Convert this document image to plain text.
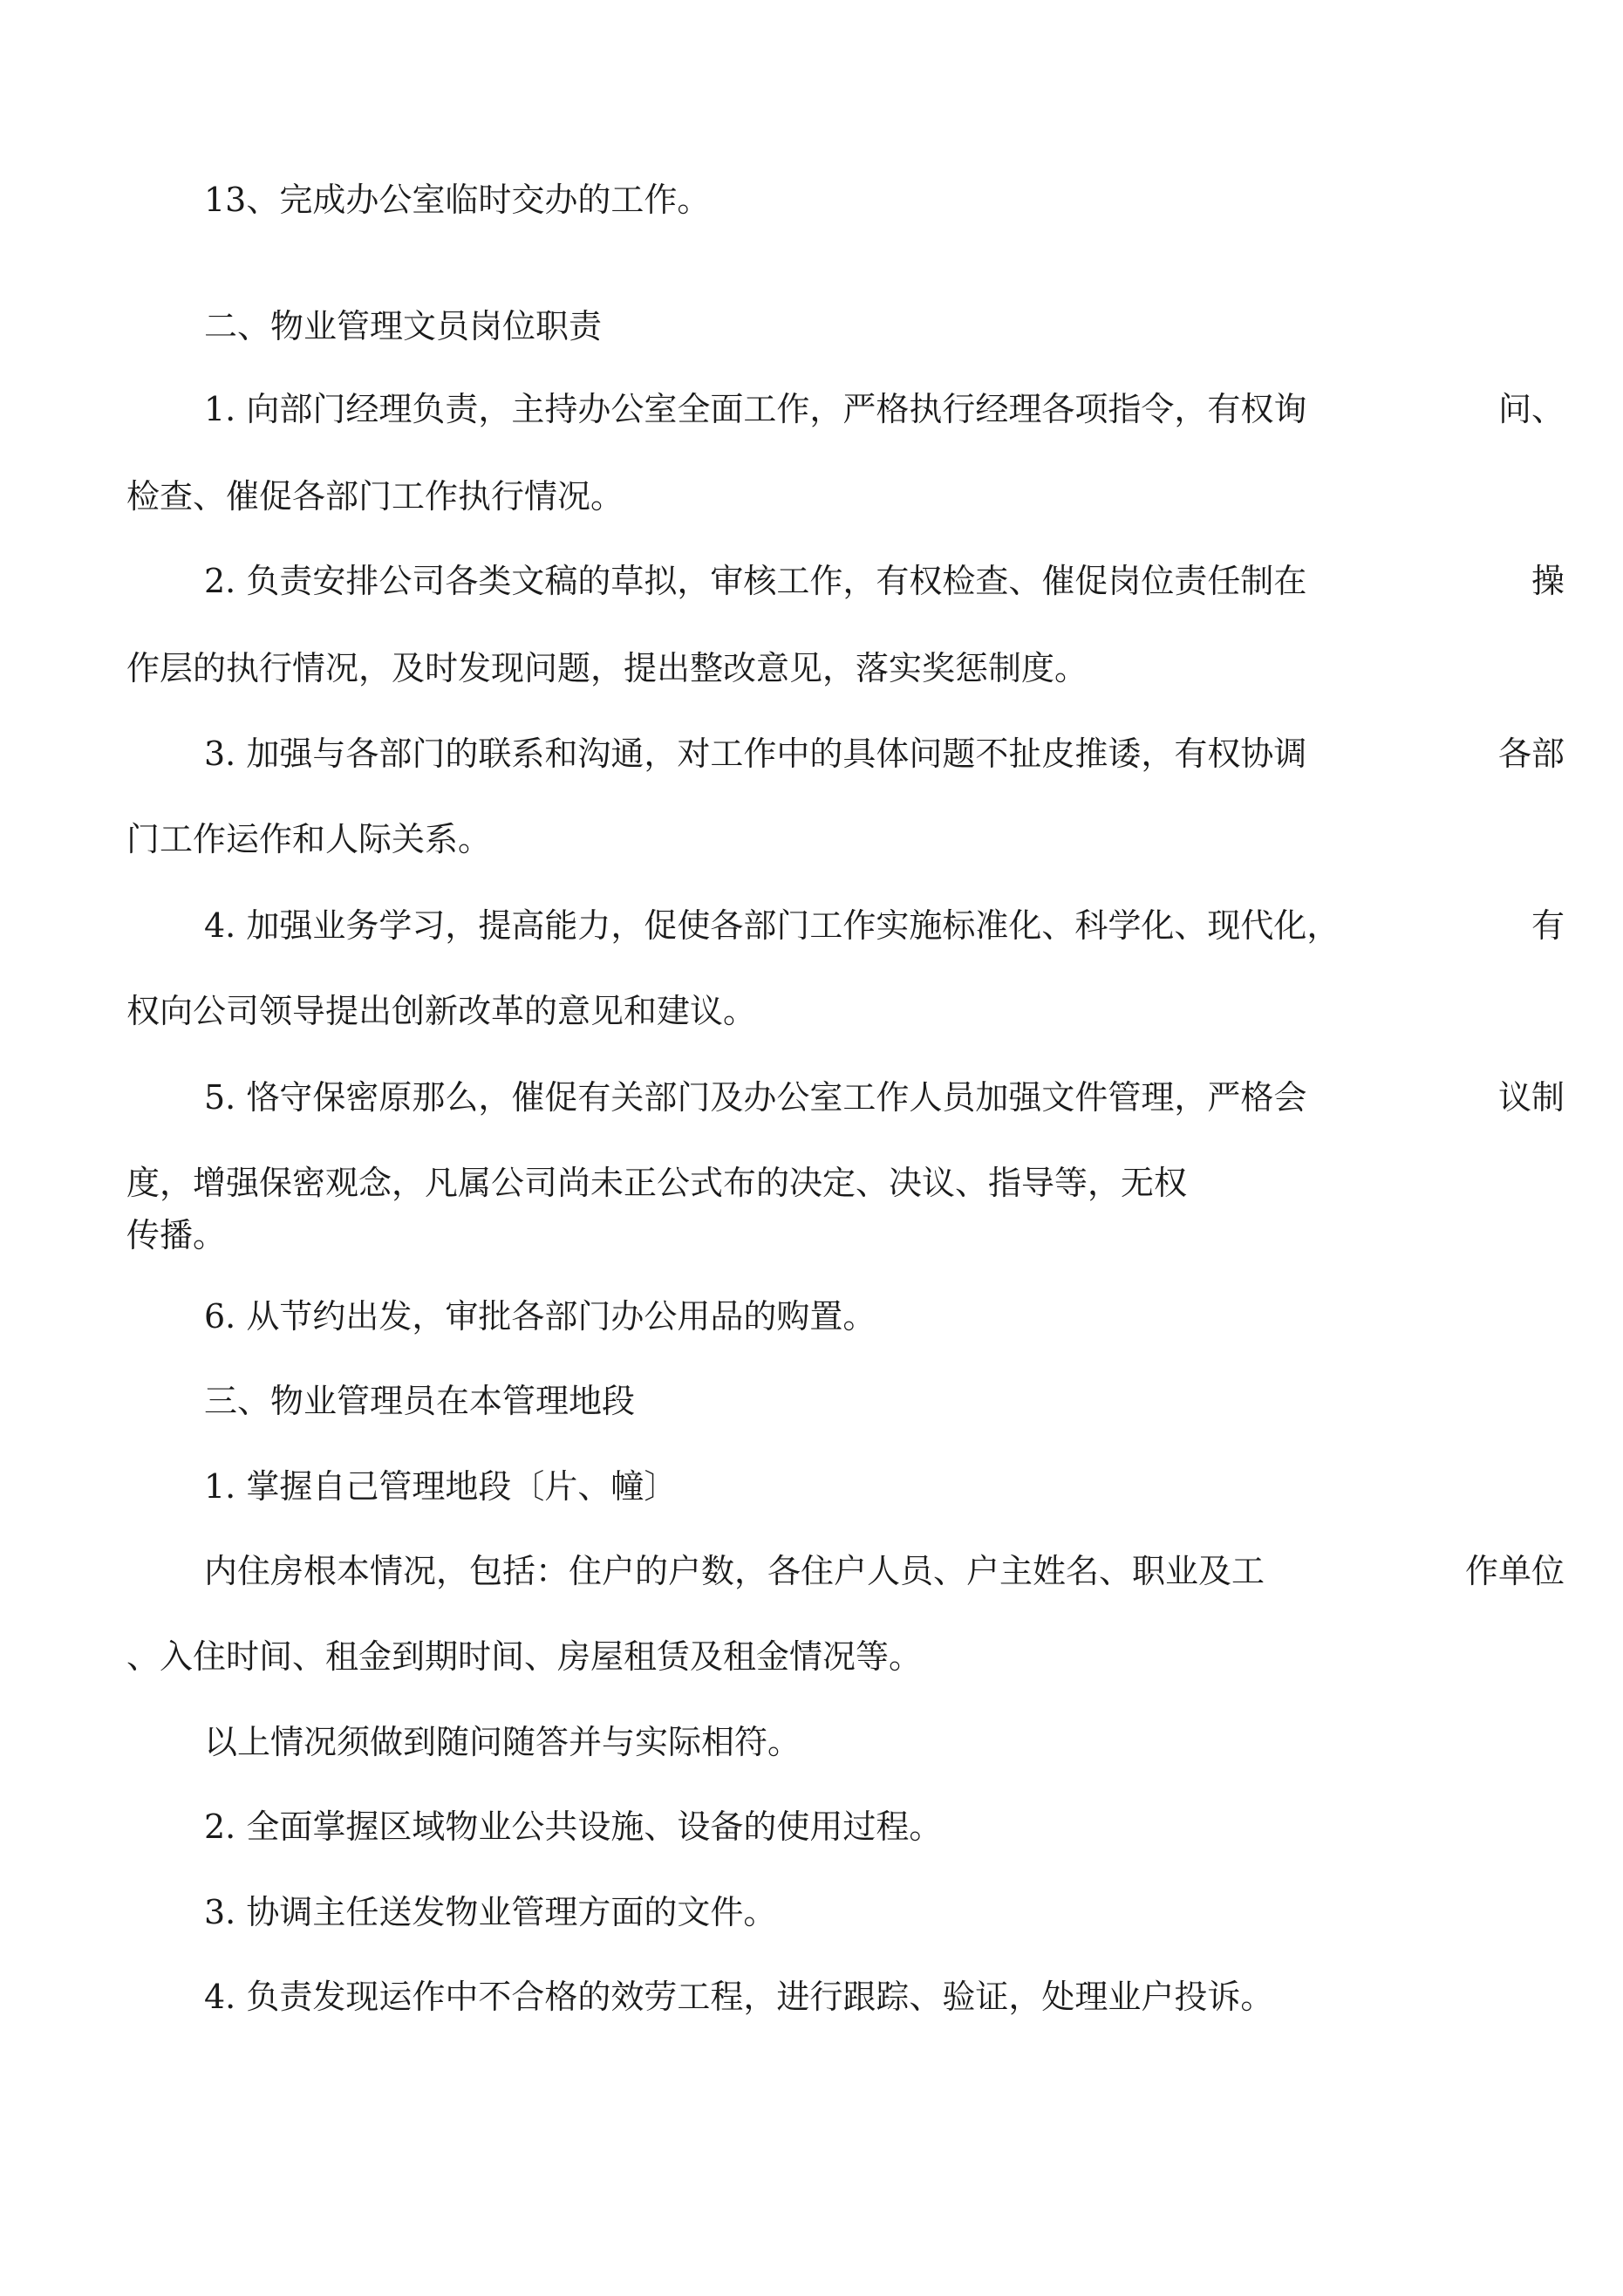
13、完成办公室临时交办的工作。

二、物业管理文员岗位职责

1. 向部门经理负责，主持办公室全面工作，严格执行经理各项指令，有权询	问、

检查、催促各部门工作执行情况。

2. 负责安排公司各类文稿的草拟，审核工作，有权检查、催促岗位责任制在	操

作层的执行情况，及时发现问题，提出整改意见，落实奖惩制度。

3. 加强与各部门的联系和沟通，对工作中的具体问题不扯皮推诿，有权协调	各部

门工作运作和人际关系。

4. 加强业务学习，提高能力，促使各部门工作实施标准化、科学化、现代化，	有

权向公司领导提出创新改革的意见和建议。

5. 恪守保密原那么，催促有关部门及办公室工作人员加强文件管理，严格会	议制

度，增强保密观念，凡属公司尚未正公式布的决定、决议、指导等，无权

传播。

6. 从节约出发，审批各部门办公用品的购置。

三、物业管理员在本管理地段

1. 掌握自己管理地段〔片、幢〕

内住房根本情况，包括：住户的户数，各住户人员、户主姓名、职业及工	作单位

、入住时间、租金到期时间、房屋租赁及租金情况等。

以上情况须做到随问随答并与实际相符。

2. 全面掌握区域物业公共设施、设备的使用过程。

3. 协调主任送发物业管理方面的文件。

4. 负责发现运作中不合格的效劳工程，进行跟踪、验证，处理业户投诉。
